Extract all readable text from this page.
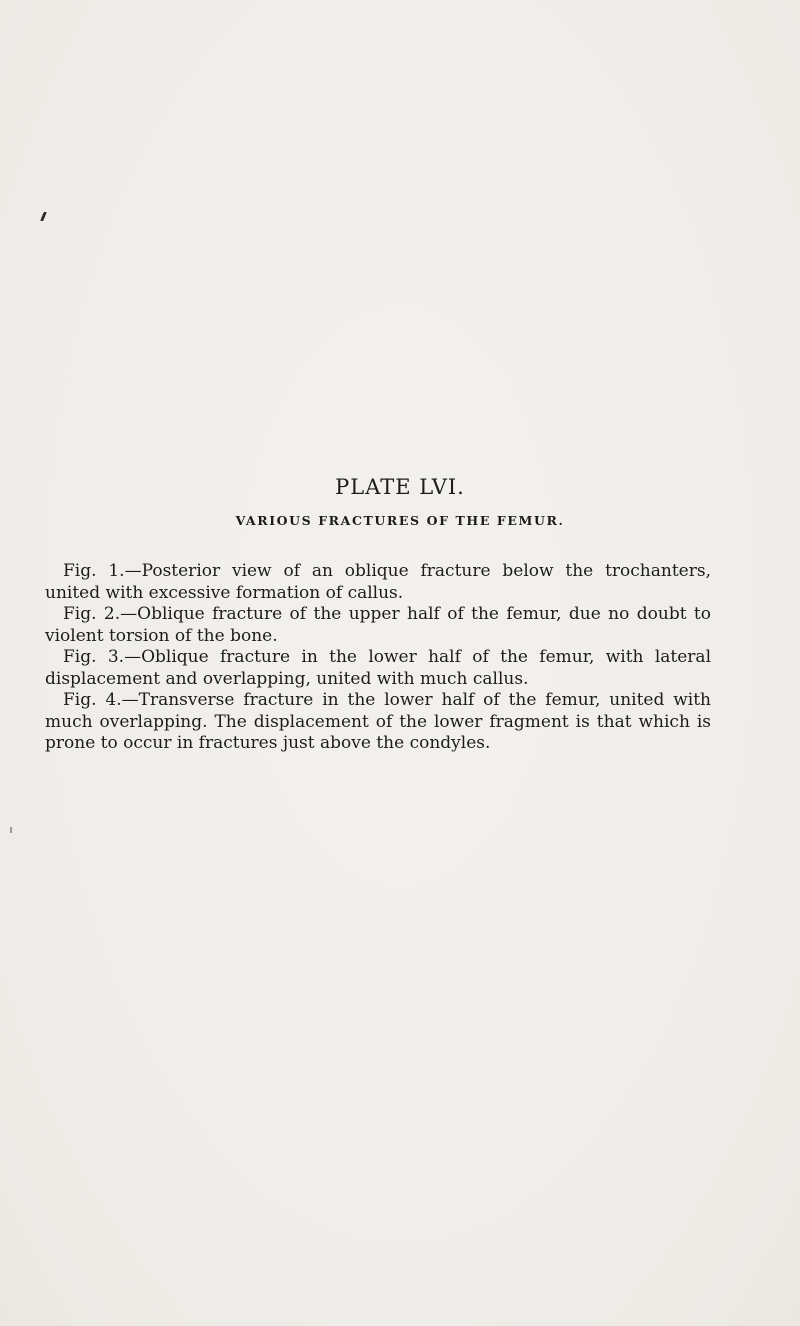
PLATE LVI.
VARIOUS FRACTURES OF THE FEMUR.

Fig. 1.—Posterior view of an oblique fracture below the trochanters, united with excessive formation of callus.

Fig. 2.—Oblique fracture of the upper half of the femur, due no doubt to violent torsion of the bone.

Fig. 3.—Oblique fracture in the lower half of the femur, with lateral displacement and overlapping, united with much callus.

Fig. 4.—Transverse fracture in the lower half of the femur, united with much overlapping. The displacement of the lower fragment is that which is prone to occur in fractures just above the condyles.
